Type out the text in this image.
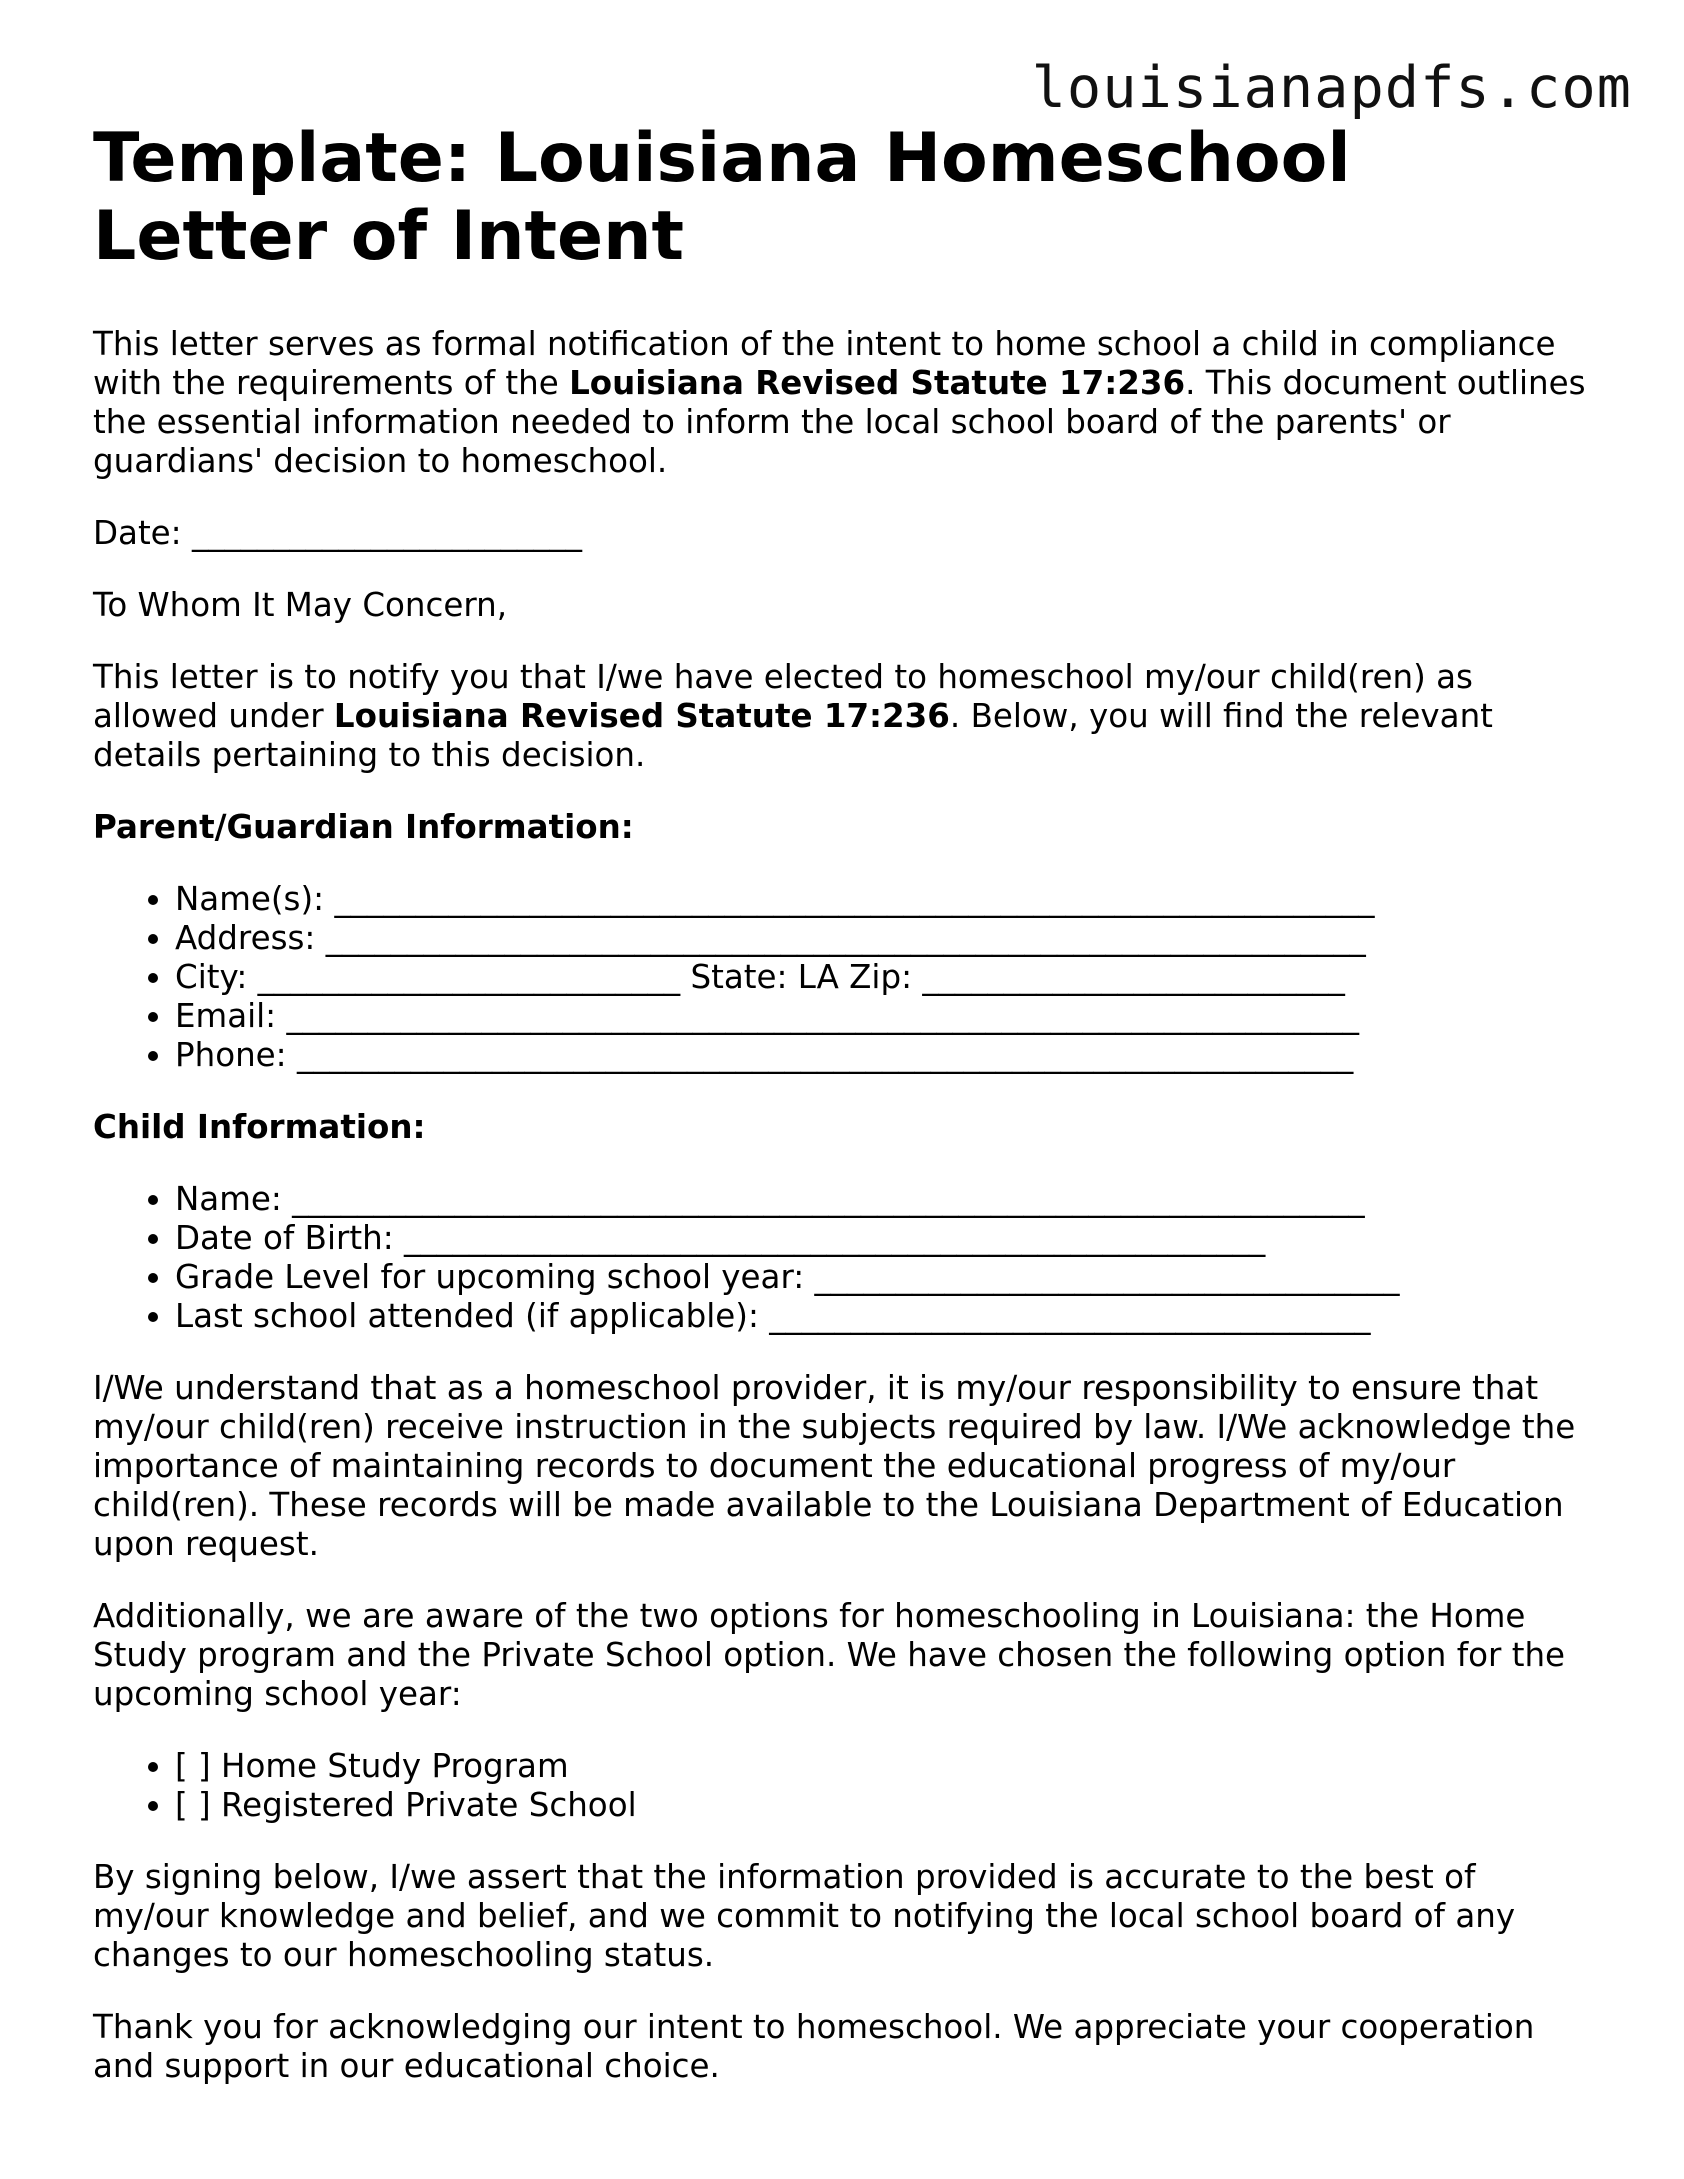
louisianapdfs.com
Template: Louisiana Homeschool Letter of Intent

This letter serves as formal notification of the intent to home school a child in compliance with the requirements of the Louisiana Revised Statute 17:236. This document outlines the essential information needed to inform the local school board of the parents' or guardians' decision to homeschool.

Date: ________________________

To Whom It May Concern,

This letter is to notify you that I/we have elected to homeschool my/our child(ren) as allowed under Louisiana Revised Statute 17:236. Below, you will find the relevant details pertaining to this decision.

Parent/Guardian Information:

• Name(s): ________________________________________________________________
• Address: ________________________________________________________________
• City: __________________________ State: LA Zip: __________________________
• Email: __________________________________________________________________
• Phone: _________________________________________________________________

Child Information:

• Name: __________________________________________________________________
• Date of Birth: _____________________________________________________
• Grade Level for upcoming school year: ____________________________________
• Last school attended (if applicable): _____________________________________

I/We understand that as a homeschool provider, it is my/our responsibility to ensure that my/our child(ren) receive instruction in the subjects required by law. I/We acknowledge the importance of maintaining records to document the educational progress of my/our child(ren). These records will be made available to the Louisiana Department of Education upon request.

Additionally, we are aware of the two options for homeschooling in Louisiana: the Home Study program and the Private School option. We have chosen the following option for the upcoming school year:

• [ ] Home Study Program
• [ ] Registered Private School

By signing below, I/we assert that the information provided is accurate to the best of my/our knowledge and belief, and we commit to notifying the local school board of any changes to our homeschooling status.

Thank you for acknowledging our intent to homeschool. We appreciate your cooperation and support in our educational choice.
